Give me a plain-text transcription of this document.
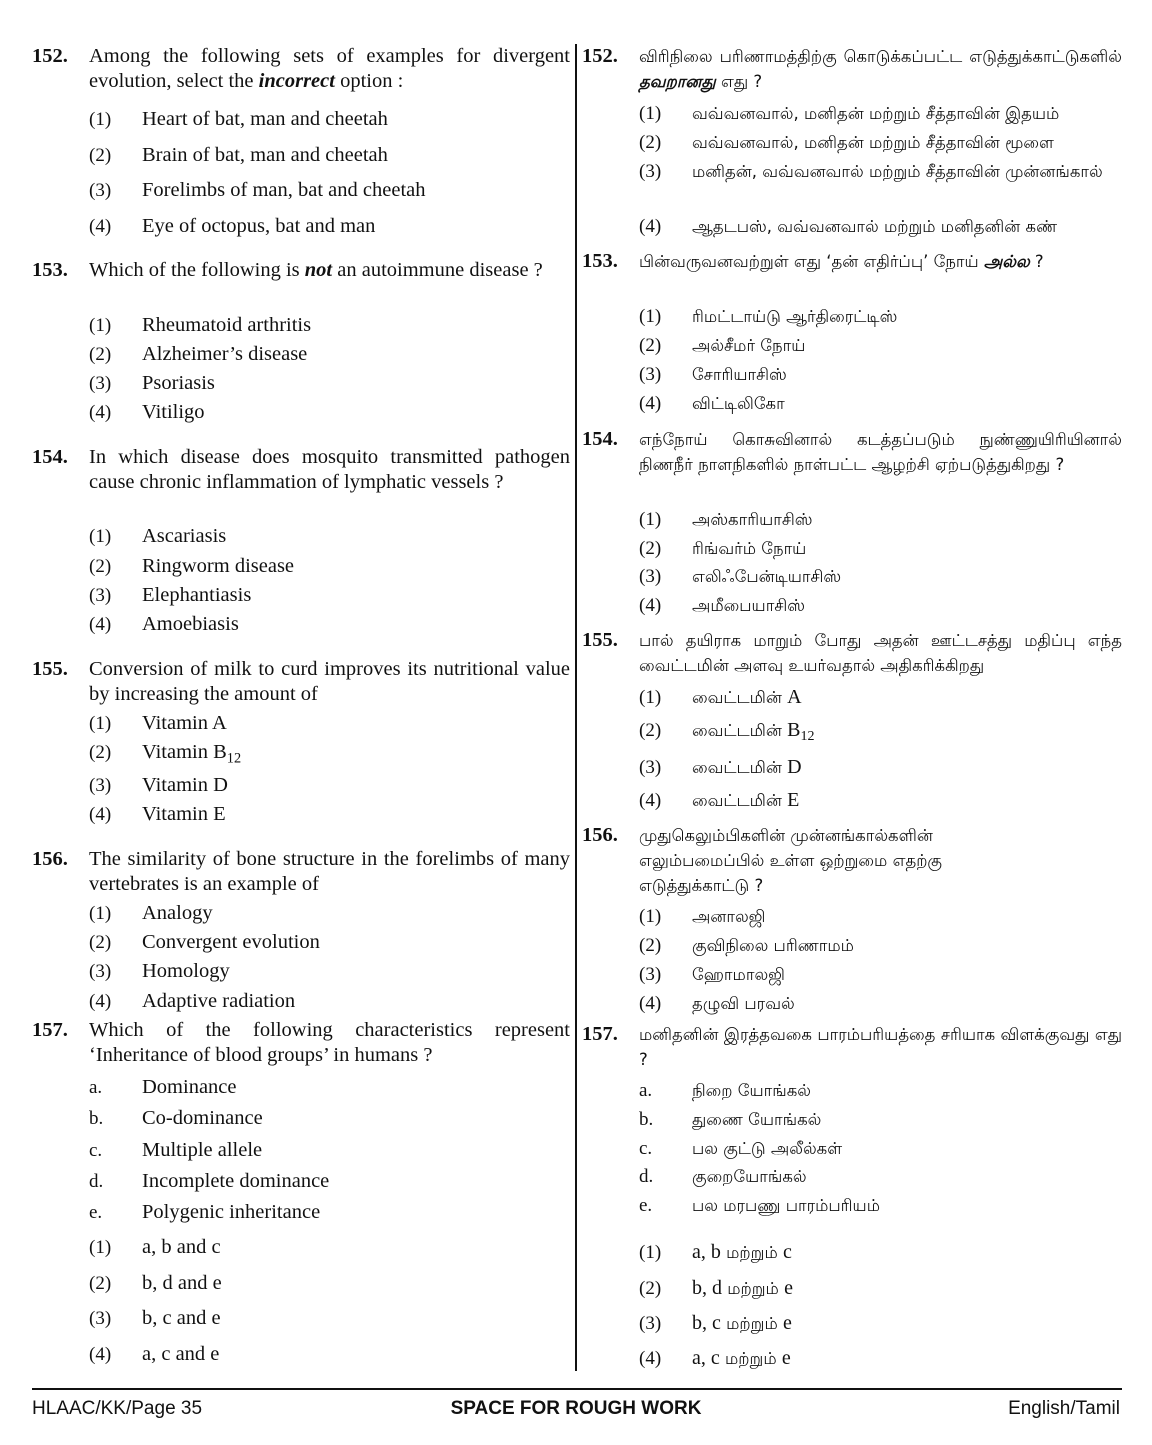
152.	Among the following sets of examples for divergent evolution, select the incorrect option :
(1)	Heart of bat, man and cheetah
(2)	Brain of bat, man and cheetah
(3)	Forelimbs of man, bat and cheetah
(4)	Eye of octopus, bat and man
153.	Which of the following is not an autoimmune disease ?
(1)	Rheumatoid arthritis
(2)	Alzheimer’s disease
(3)	Psoriasis
(4)	Vitiligo
154.	In which disease does mosquito transmitted pathogen cause chronic inflammation of lymphatic vessels ?
(1)	Ascariasis
(2)	Ringworm disease
(3)	Elephantiasis
(4)	Amoebiasis
155.	Conversion of milk to curd improves its nutritional value by increasing the amount of
(1)	Vitamin A
(2)	Vitamin $B_{12}$
(3)	Vitamin D
(4)	Vitamin E
156.	The similarity of bone structure in the forelimbs of many vertebrates is an example of
(1)	Analogy
(2)	Convergent evolution
(3)	Homology
(4)	Adaptive radiation
157.	Which of the following characteristics represent ‘Inheritance of blood groups’ in humans ?
a.	Dominance
b.	Co-dominance
c.	Multiple allele
d.	Incomplete dominance
e.	Polygenic inheritance
(1)	a, b and c
(2)	b, d and e
(3)	b, c and e
(4)	a, c and e
152.	விரிநிலை பரிணாமத்திற்கு கொடுக்கப்பட்ட எடுத்துக்காட்டுகளில் தவறானது எது ?
(1)	வவ்வனவால், மனிதன் மற்றும் சீத்தாவின் இதயம்
(2)	வவ்வனவால், மனிதன் மற்றும் சீத்தாவின் மூளை
(3)	மனிதன், வவ்வனவால் மற்றும் சீத்தாவின் முன்னங்கால்
(4)	ஆதடபஸ், வவ்வனவால் மற்றும் மனிதனின் கண்
153.	பின்வருவனவற்றுள் எது ‘தன் எதிர்ப்பு’ நோய் அல்ல ?
(1)	ரிமட்டாய்டு ஆர்திரைட்டிஸ்
(2)	அல்சீமர் நோய்
(3)	சோரியாசிஸ்
(4)	விட்டிலிகோ
154.	எந்நோய் கொசுவினால் கடத்தப்படும் நுண்ணுயிரியினால் நிணநீர் நாளநிகளில் நாள்பட்ட ஆழற்சி ஏற்படுத்துகிறது ?
(1)	அஸ்காரியாசிஸ்
(2)	ரிங்வர்ம் நோய்
(3)	எலிஃபேன்டியாசிஸ்
(4)	அமீபையாசிஸ்
155.	பால் தயிராக மாறும் போது அதன் ஊட்டசத்து மதிப்பு எந்த வைட்டமின் அளவு உயர்வதால் அதிகரிக்கிறது
(1)	வைட்டமின் A
(2)	வைட்டமின் $B_{12}$
(3)	வைட்டமின் D
(4)	வைட்டமின் E
156.	முதுகெலும்பிகளின் முன்னங்கால்களின் எலும்பமைப்பில் உள்ள ஒற்றுமை எதற்கு எடுத்துக்காட்டு ?
(1)	அனாலஜி
(2)	குவிநிலை பரிணாமம்
(3)	ஹோமாலஜி
(4)	தழுவி பரவல்
157.	மனிதனின் இரத்தவகை பாரம்பரியத்தை சரியாக விளக்குவது எது ?
a.	நிறை யோங்கல்
b.	துணை யோங்கல்
c.	பல குட்டு அலீல்கள்
d.	குறையோங்கல்
e.	பல மரபணு பாரம்பரியம்
(1)	a, b மற்றும் c
(2)	b, d மற்றும் e
(3)	b, c மற்றும் e
(4)	a, c மற்றும் e
HLAAC/KK/Page 35	SPACE FOR ROUGH WORK	English/Tamil
